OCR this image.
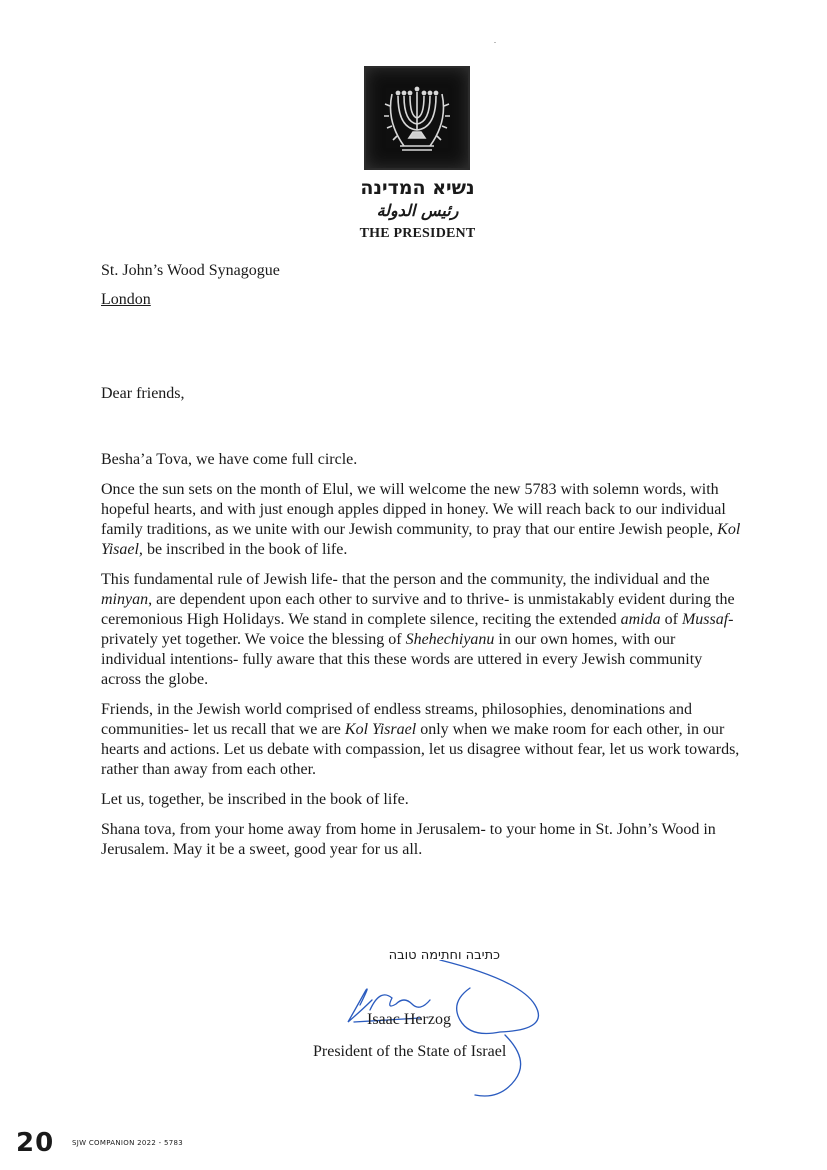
נשיא המדינה
رئيس الدولة
THE PRESIDENT
St. John’s Wood Synagogue
London
Dear friends,

Besha’a Tova, we have come full circle.

Once the sun sets on the month of Elul, we will welcome the new 5783 with solemn words, with hopeful hearts, and with just enough apples dipped in honey. We will reach back to our individual family traditions, as we unite with our Jewish community, to pray that our entire Jewish people, Kol Yisael, be inscribed in the book of life.

This fundamental rule of Jewish life- that the person and the community, the individual and the minyan, are dependent upon each other to survive and to thrive- is unmistakably evident during the ceremonious High Holidays. We stand in complete silence, reciting the extended amida of Mussaf- privately yet together. We voice the blessing of Shehechiyanu in our own homes, with our individual intentions- fully aware that this these words are uttered in every Jewish community across the globe.

Friends, in the Jewish world comprised of endless streams, philosophies, denominations and communities- let us recall that we are Kol Yisrael only when we make room for each other, in our hearts and actions. Let us debate with compassion, let us disagree without fear, let us work towards, rather than away from each other.

Let us, together, be inscribed in the book of life.

Shana tova, from your home away from home in Jerusalem- to your home in St. John’s Wood in Jerusalem. May it be a sweet, good year for us all.

כתיבה וחתימה טובה
Isaac Herzog
President of the State of Israel
20	SJW COMPANION 2022 - 5783
